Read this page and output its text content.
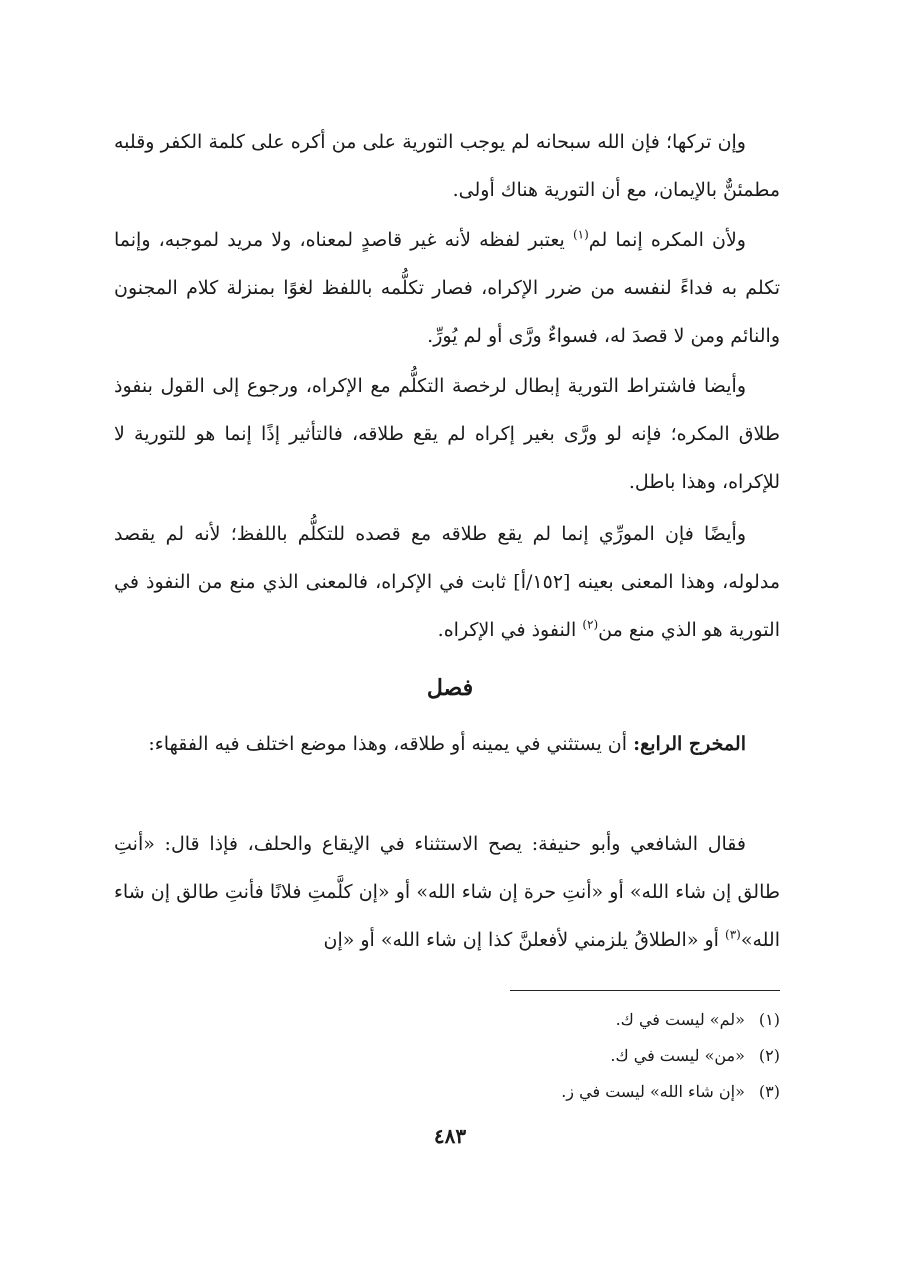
وإن تركها؛ فإن الله سبحانه لم يوجب التورية على من أكره على كلمة الكفر وقلبه مطمئنٌّ بالإيمان، مع أن التورية هناك أولى.

ولأن المكره إنما لم$^{(١)}$ يعتبر لفظه لأنه غير قاصدٍ لمعناه، ولا مريد لموجبه، وإنما تكلم به فداءً لنفسه من ضرر الإكراه، فصار تكلُّمه باللفظ لغوًا بمنزلة كلام المجنون والنائم ومن لا قصدَ له، فسواءٌ ورَّى أو لم يُورِّ.

وأيضا فاشتراط التورية إبطال لرخصة التكلُّم مع الإكراه، ورجوع إلى القول بنفوذ طلاق المكره؛ فإنه لو ورَّى بغير إكراه لم يقع طلاقه، فالتأثير إذًا إنما هو للتورية لا للإكراه، وهذا باطل.

وأيضًا فإن المورِّي إنما لم يقع طلاقه مع قصده للتكلُّم باللفظ؛ لأنه لم يقصد مدلوله، وهذا المعنى بعينه [١٥٢/أ] ثابت في الإكراه، فالمعنى الذي منع من النفوذ في التورية هو الذي منع من$^{(٢)}$ النفوذ في الإكراه.

فصل

المخرج الرابع: أن يستثني في يمينه أو طلاقه، وهذا موضع اختلف فيه الفقهاء:

فقال الشافعي وأبو حنيفة: يصح الاستثناء في الإيقاع والحلف، فإذا قال: «أنتِ طالق إن شاء الله» أو «أنتِ حرة إن شاء الله» أو «إن كلَّمتِ فلانًا فأنتِ طالق إن شاء الله»$^{(٣)}$ أو «الطلاقُ يلزمني لأفعلنَّ كذا إن شاء الله» أو «إن

(١) «لم» ليست في ك.
(٢) «من» ليست في ك.
(٣) «إن شاء الله» ليست في ز.
٤٨٣
